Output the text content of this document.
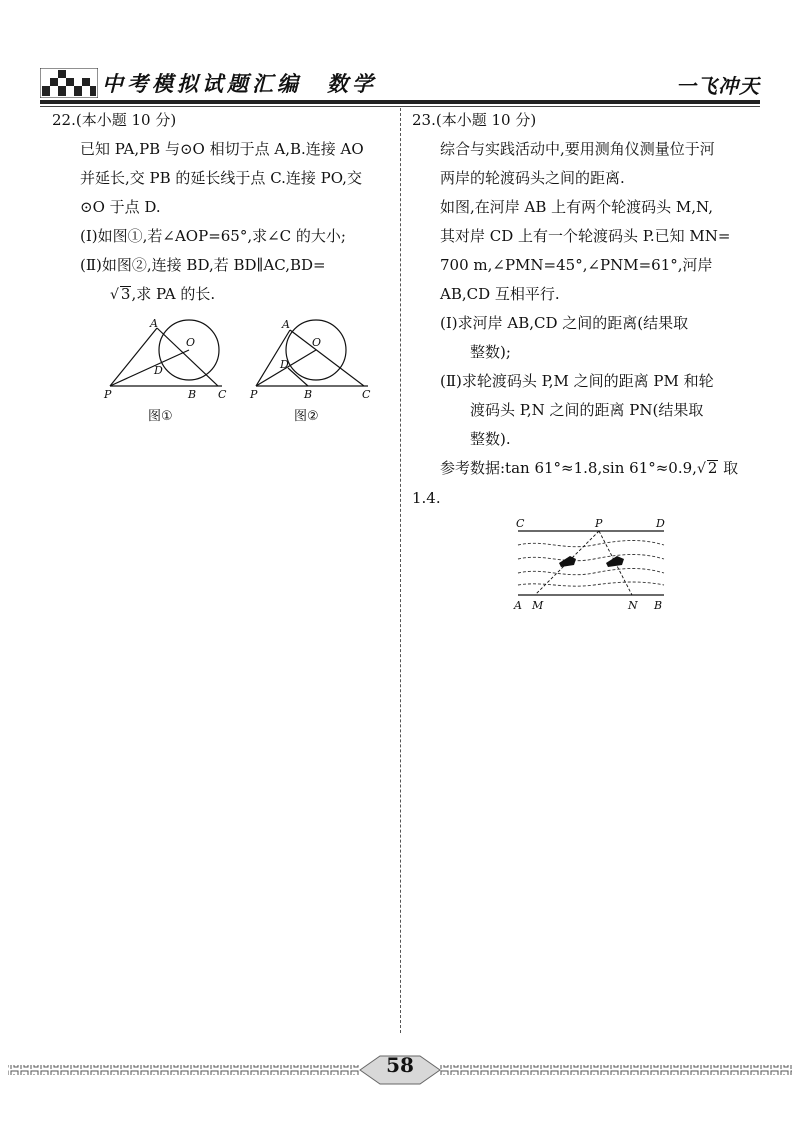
中考模拟试题汇编　数学	一飞冲天

22.(本小题 10 分)

已知 PA,PB 与⊙O 相切于点 A,B.连接 AO

并延长,交 PB 的延长线于点 C.连接 PO,交

⊙O 于点 D.

(Ⅰ)如图①,若∠AOP=65°,求∠C 的大小;

(Ⅱ)如图②,连接 BD,若 BD∥AC,BD=

√ 3,求 PA 的长.

A
O
D
P	B C
图①
A
O
D
P	B	C
图②

23.(本小题 10 分)

综合与实践活动中,要用测角仪测量位于河

两岸的轮渡码头之间的距离.

如图,在河岸 AB 上有两个轮渡码头 M,N,

其对岸 CD 上有一个轮渡码头 P.已知 MN=

700 m,∠PMN=45°,∠PNM=61°,河岸

AB,CD 互相平行.

(Ⅰ)求河岸 AB,CD 之间的距离(结果取

整数);

(Ⅱ)求轮渡码头 P,M 之间的距离 PM 和轮

渡码头 P,N 之间的距离 PN(结果取

整数).

参考数据:tan 61°≈1.8,sin 61°≈0.9,√ 2 取

1.4.

C	P	D
A M	N B
58
